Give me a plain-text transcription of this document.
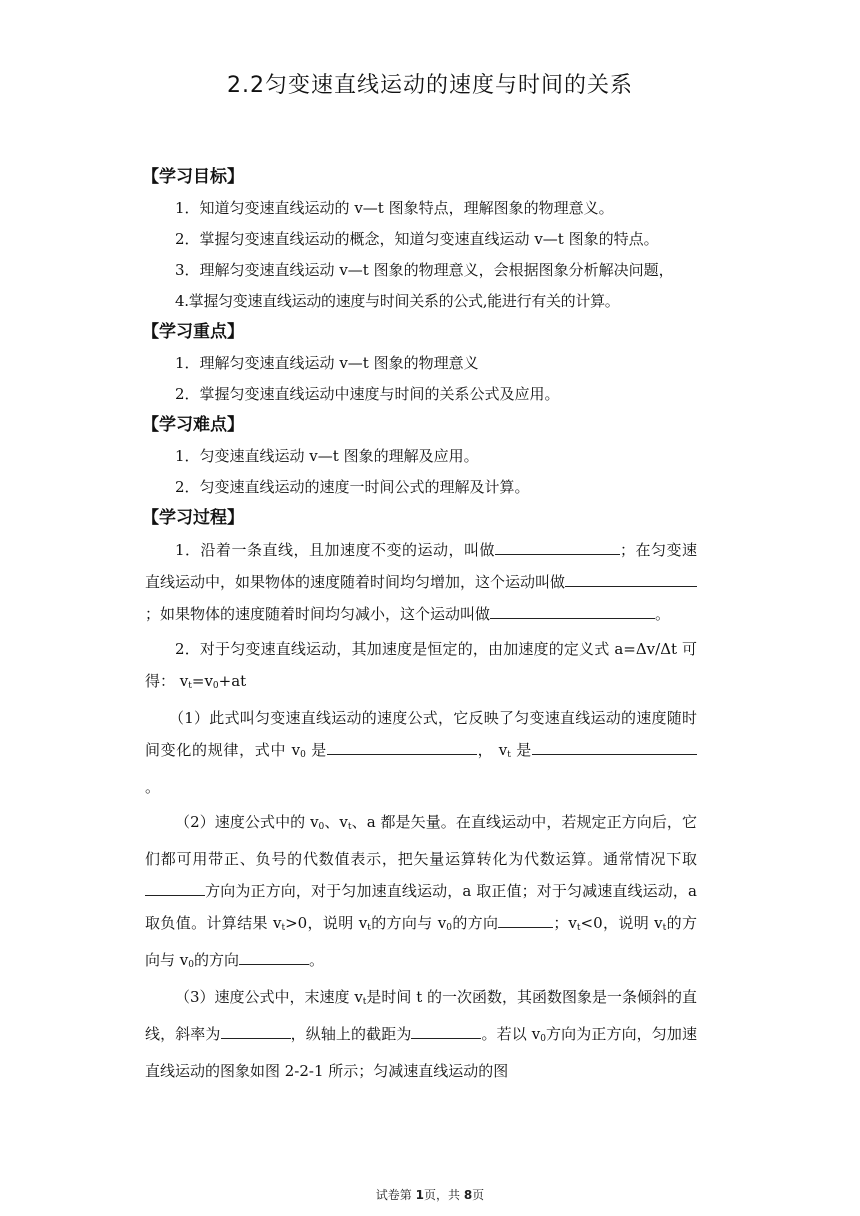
2.2匀变速直线运动的速度与时间的关系
【学习目标】

1．知道匀变速直线运动的 v—t 图象特点，理解图象的物理意义。

2．掌握匀变速直线运动的概念，知道匀变速直线运动 v—t 图象的特点。

3．理解匀变速直线运动 v—t 图象的物理意义，会根据图象分析解决问题，

4.掌握匀变速直线运动的速度与时间关系的公式,能进行有关的计算。

【学习重点】

1．理解匀变速直线运动 v—t 图象的物理意义

2．掌握匀变速直线运动中速度与时间的关系公式及应用。

【学习难点】

1．匀变速直线运动 v—t 图象的理解及应用。

2．匀变速直线运动的速度一时间公式的理解及计算。

【学习过程】

1．沿着一条直线，且加速度不变的运动，叫做	；在匀变速直线运动中，如果物体的速度随着时间均匀增加，这个运动叫做；如果物体的速度随着时间均匀减小，这个运动叫做	。

2．对于匀变速直线运动，其加速度是恒定的，由加速度的定义式 a=Δv/Δt 可得： $v_t=v_0+at$

（1）此式叫匀变速直线运动的速度公式，它反映了匀变速直线运动的速度随时间变化的规律，式中 $v_0$ 是	， $v_t$ 是。

（2）速度公式中的 $v_0$、$v_t$、a 都是矢量。在直线运动中，若规定正方向后，它们都可用带正、负号的代数值表示，把矢量运算转化为代数运算。通常情况下取方向为正方向，对于匀加速直线运动，a 取正值；对于匀减速直线运动，a 取负值。计算结果 $v_t>0$，说明 $v_t$的方向与 $v_0$的方向	；$v_t<0$，说明 $v_t$的方向与 $v_0$的方向	。

（3）速度公式中，末速度 $v_t$是时间 t 的一次函数，其函数图象是一条倾斜的直线，斜率为	，纵轴上的截距为	。若以 $v_0$方向为正方向，匀加速直线运动的图象如图 2-2-1 所示；匀减速直线运动的图

试卷第 1页，共 8页
